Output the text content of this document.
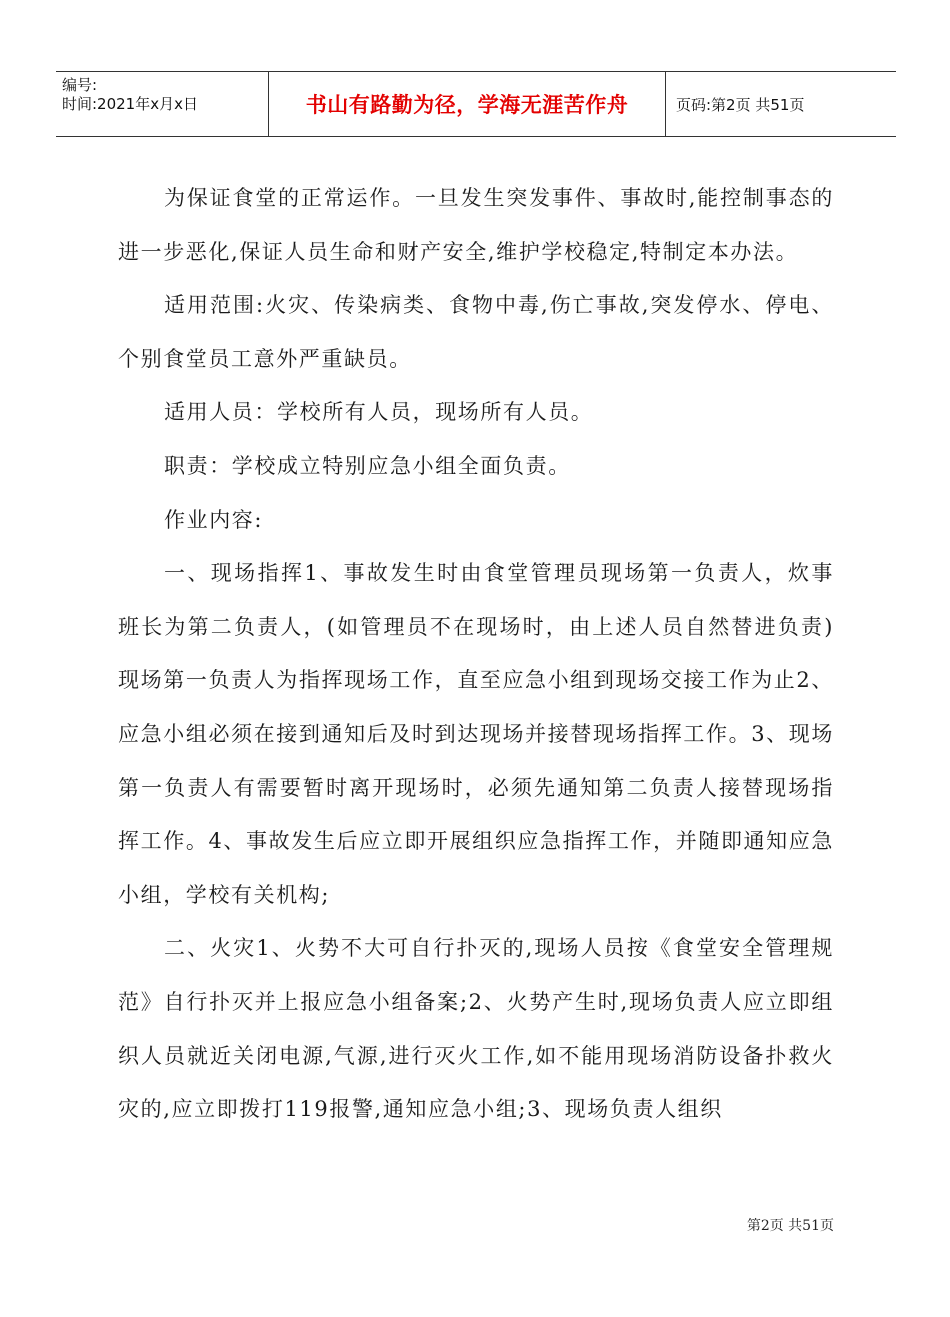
编号:
时间:2021年x月x日	书山有路勤为径，学海无涯苦作舟	页码:第2页 共51页

为保证食堂的正常运作。一旦发生突发事件、事故时,能控制事态的进一步恶化,保证人员生命和财产安全,维护学校稳定,特制定本办法。

适用范围:火灾、传染病类、食物中毒,伤亡事故,突发停水、停电、个别食堂员工意外严重缺员。

适用人员：学校所有人员，现场所有人员。

职责：学校成立特别应急小组全面负责。

作业内容:

一、现场指挥1、事故发生时由食堂管理员现场第一负责人，炊事班长为第二负责人，(如管理员不在现场时，由上述人员自然替进负责)现场第一负责人为指挥现场工作，直至应急小组到现场交接工作为止2、应急小组必须在接到通知后及时到达现场并接替现场指挥工作。3、现场第一负责人有需要暂时离开现场时，必须先通知第二负责人接替现场指挥工作。4、事故发生后应立即开展组织应急指挥工作，并随即通知应急小组，学校有关机构;

二、火灾1、火势不大可自行扑灭的,现场人员按《食堂安全管理规范》自行扑灭并上报应急小组备案;2、火势产生时,现场负责人应立即组织人员就近关闭电源,气源,进行灭火工作,如不能用现场消防设备扑救火灾的,应立即拨打119报警,通知应急小组;3、现场负责人组织

第2页 共51页
